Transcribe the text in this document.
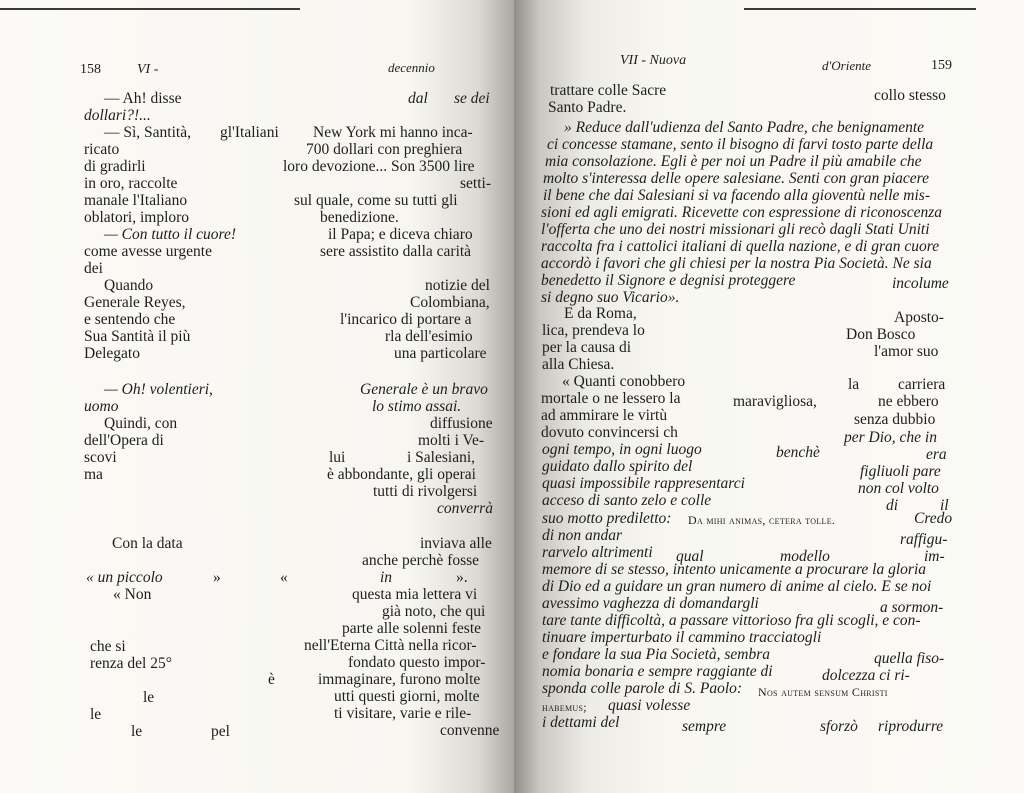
158	VI -	decennio
— Ah! disse
dollari?!...
— Sì, Santità, gl'Italiani
ricato
di gradirli
in oro, raccolte
manale l'Italiano
oblatori, imploro
— Con tutto il cuore!
come avesse urgente
dei
Quando
Generale Reyes,
e sentendo che
Sua Santità il più
Delegato
— Oh! volentieri,
uomo
Quindi, con
dell'Opera di
scovi
ma
Con la data
« un piccolo	»
« Non
che si
renza del 25°
le
le
le	pel
dal se dei
New York mi hanno inca-
700 dollari con preghiera
loro devozione... Son 3500 lire
setti-
sul quale, come su tutti gli
benedizione.
il Papa; e diceva chiaro
sere assistito dalla carità
notizie del
Colombiana,
l'incarico di portare a
rla dell'esimio
una particolare
Generale è un bravo
lo stimo assai.
diffusione
molti i Ve-
lui	i Salesiani,
è abbondante, gli operai
tutti di rivolgersi
converrà
inviava alle
anche perchè fosse
«	in	».
questa mia lettera vi
già noto, che qui
parte alle solenni feste
nell'Eterna Città nella ricor-
fondato questo impor-
è	immaginare, furono molte
utti questi giorni, molte
ti visitare, varie e rile-
convenne
VII - Nuova	d'Oriente	159
trattare colle Sacre	collo stesso
Santo Padre.
» Reduce dall'udienza del Santo Padre, che benignamente
ci concesse stamane, sento il bisogno di farvi tosto parte della
mia consolazione. Egli è per noi un Padre il più amabile che
molto s'interessa delle opere salesiane. Senti con gran piacere
il bene che dai Salesiani si va facendo alla gioventù nelle mis-
sioni ed agli emigrati. Ricevette con espressione di riconoscenza
l'offerta che uno dei nostri missionari gli recò dagli Stati Uniti
raccolta fra i cattolici italiani di quella nazione, e di gran cuore
accordò i favori che gli chiesi per la nostra Pia Società. Ne sia
benedetto il Signore e degnisi proteggere	incolume
si degno suo Vicario».
E da Roma,	Aposto-
lica, prendeva lo	Don Bosco
per la causa di	l'amor suo
alla Chiesa.
« Quanti conobbero	la	carriera
mortale o ne lessero la	maravigliosa,	ne ebbero
ad ammirare le virtù	senza dubbio
dovuto convincersi ch	per Dio, che in
ogni tempo, in ogni luogo	benchè	era
guidato dallo spirito del	figliuoli pare
quasi impossibile rappresentarci	non col volto
acceso di santo zelo e colle	di	il
suo motto prediletto: Da mihi animas, cetera tolle.	Credo
di non andar	raffigu-
rarvelo altrimenti qual	modello	im-
memore di se stesso, intento unicamente a procurare la gloria
di Dio ed a guidare un gran numero di anime al cielo. E se noi
avessimo vaghezza di domandargli	a sormon-
tare tante difficoltà, a passare vittorioso fra gli scogli, e con-
tinuare imperturbato il cammino tracciatogli
e fondare la sua Pia Società, sembra	quella fiso-
nomia bonaria e sempre raggiante di	dolcezza ci ri-
sponda colle parole di S. Paolo: Nos autem sensum Christi
habemus; quasi volesse
i dettami del	sempre	sforzò riprodurre
